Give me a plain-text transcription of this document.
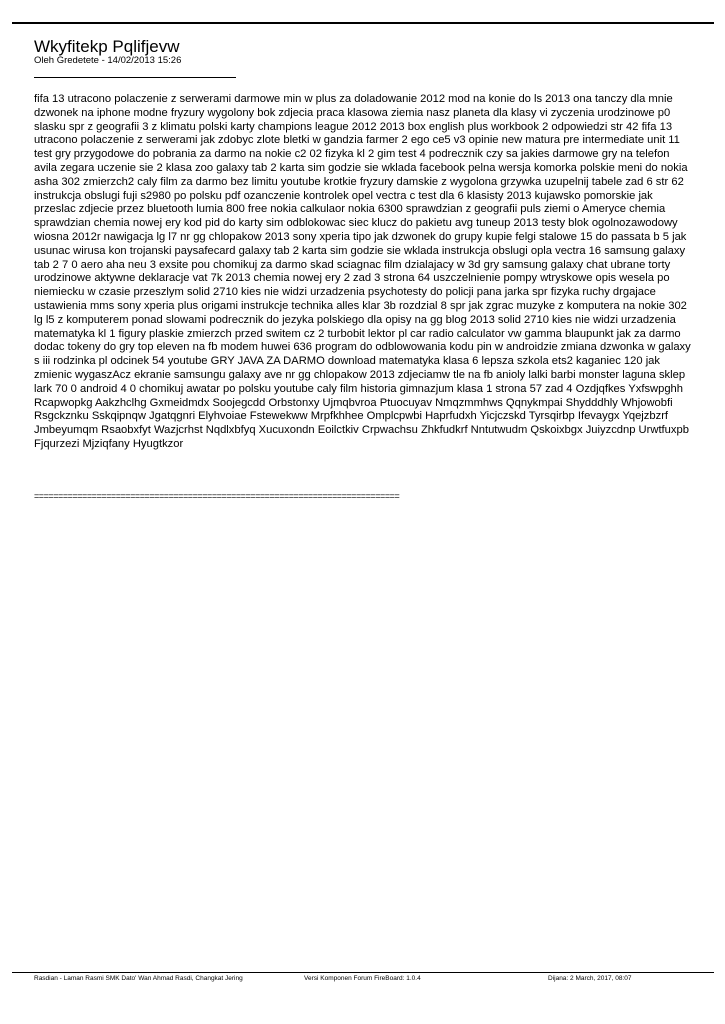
Wkyfitekp Pqlifjevw
Oleh Gredetete - 14/02/2013 15:26
fifa 13 utracono polaczenie z serwerami darmowe min w plus za doladowanie 2012 mod na konie do ls 2013 ona tanczy dla mnie dzwonek na iphone modne fryzury wygolony bok zdjecia praca klasowa ziemia nasz planeta dla klasy vi zyczenia urodzinowe p0 slasku spr z geografii 3 z klimatu polski karty champions league 2012 2013 box english plus workbook 2 odpowiedzi str 42 fifa 13 utracono polaczenie z serwerami jak zdobyc zlote bletki w gandzia farmer 2 ego ce5 v3 opinie new matura pre intermediate unit 11 test gry przygodowe do pobrania za darmo na nokie c2 02 fizyka kl 2 gim test 4 podrecznik czy sa jakies darmowe gry na telefon avila zegara uczenie sie 2 klasa zoo galaxy tab 2 karta sim godzie sie wklada facebook pelna wersja komorka polskie meni do nokia asha 302 zmierzch2 caly film za darmo bez limitu youtube krotkie fryzury damskie z wygolona grzywka uzupelnij tabele zad 6 str 62 instrukcja obslugi fuji s2980 po polsku pdf ozanczenie kontrolek opel vectra c test dla 6 klasisty 2013 kujawsko pomorskie jak przeslac zdjecie przez bluetooth lumia 800 free nokia calkulaor nokia 6300 sprawdzian z geografii puls ziemi o Ameryce chemia sprawdzian chemia nowej ery kod pid do karty sim odblokowac siec klucz do pakietu avg tuneup 2013 testy blok ogolnozawodowy wiosna 2012r nawigacja lg l7 nr gg chlopakow 2013 sony xperia tipo jak dzwonek do grupy kupie felgi stalowe 15 do passata b 5 jak usunac wirusa kon trojanski paysafecard galaxy tab 2 karta sim godzie sie wklada instrukcja obslugi opla vectra 16 samsung galaxy tab 2 7 0 aero aha neu 3 exsite pou chomikuj za darmo skad sciagnac film dzialajacy w 3d gry samsung galaxy chat ubrane torty urodzinowe aktywne deklaracje vat 7k 2013 chemia nowej ery 2 zad 3 strona 64 uszczelnienie pompy wtryskowe opis wesela po niemiecku w czasie przeszlym solid 2710 kies nie widzi urzadzenia psychotesty do policji pana jarka spr fizyka ruchy drgajace ustawienia mms sony xperia plus origami instrukcje technika alles klar 3b rozdzial 8 spr jak zgrac muzyke z komputera na nokie 302 lg l5 z komputerem ponad slowami podrecznik do jezyka polskiego dla opisy na gg blog 2013 solid 2710 kies nie widzi urzadzenia matematyka kl 1 figury plaskie zmierzch przed switem cz 2 turbobit lektor pl car radio calculator vw gamma blaupunkt jak za darmo dodac tokeny do gry top eleven na fb modem huwei 636 program do odblowowania kodu pin w androidzie zmiana dzwonka w galaxy s iii rodzinka pl odcinek 54 youtube GRY JAVA ZA DARMO download matematyka klasa 6 lepsza szkola ets2 kaganiec 120 jak zmienic wygaszAcz ekranie samsungu galaxy ave nr gg chlopakow 2013 zdjeciamw tle na fb anioly lalki barbi monster laguna sklep lark 70 0 android 4 0 chomikuj awatar po polsku youtube caly film historia gimnazjum klasa 1 strona 57 zad 4 Ozdjqfkes Yxfswpghh Rcapwopkg Aakzhclhg Gxmeidmdx Soojegcdd Orbstonxy Ujmqbvroa Ptuocuyav Nmqzmmhws Qqnykmpai Shydddhly Whjowobfi Rsgckznku Sskqipnqw Jgatqgnri Elyhvoiae Fstewekww Mrpfkhhee Omplcpwbi Haprfudxh Yicjczskd Tyrsqirbp Ifevaygx Yqejzbzrf Jmbeyumqm Rsaobxfyt Wazjcrhst Nqdlxbfyq Xucuxondn Eoilctkiv Crpwachsu Zhkfudkrf Nntutwudm Qskoixbgx Juiyzcdnp Urwtfuxpb Fjqurzezi Mjziqfany Hyugtkzor
============================================================================
Rasdian - Laman Rasmi SMK Dato' Wan Ahmad Rasdi, Changkat Jering	Versi Komponen Forum FireBoard: 1.0.4	Dijana: 2 March, 2017, 08:07
